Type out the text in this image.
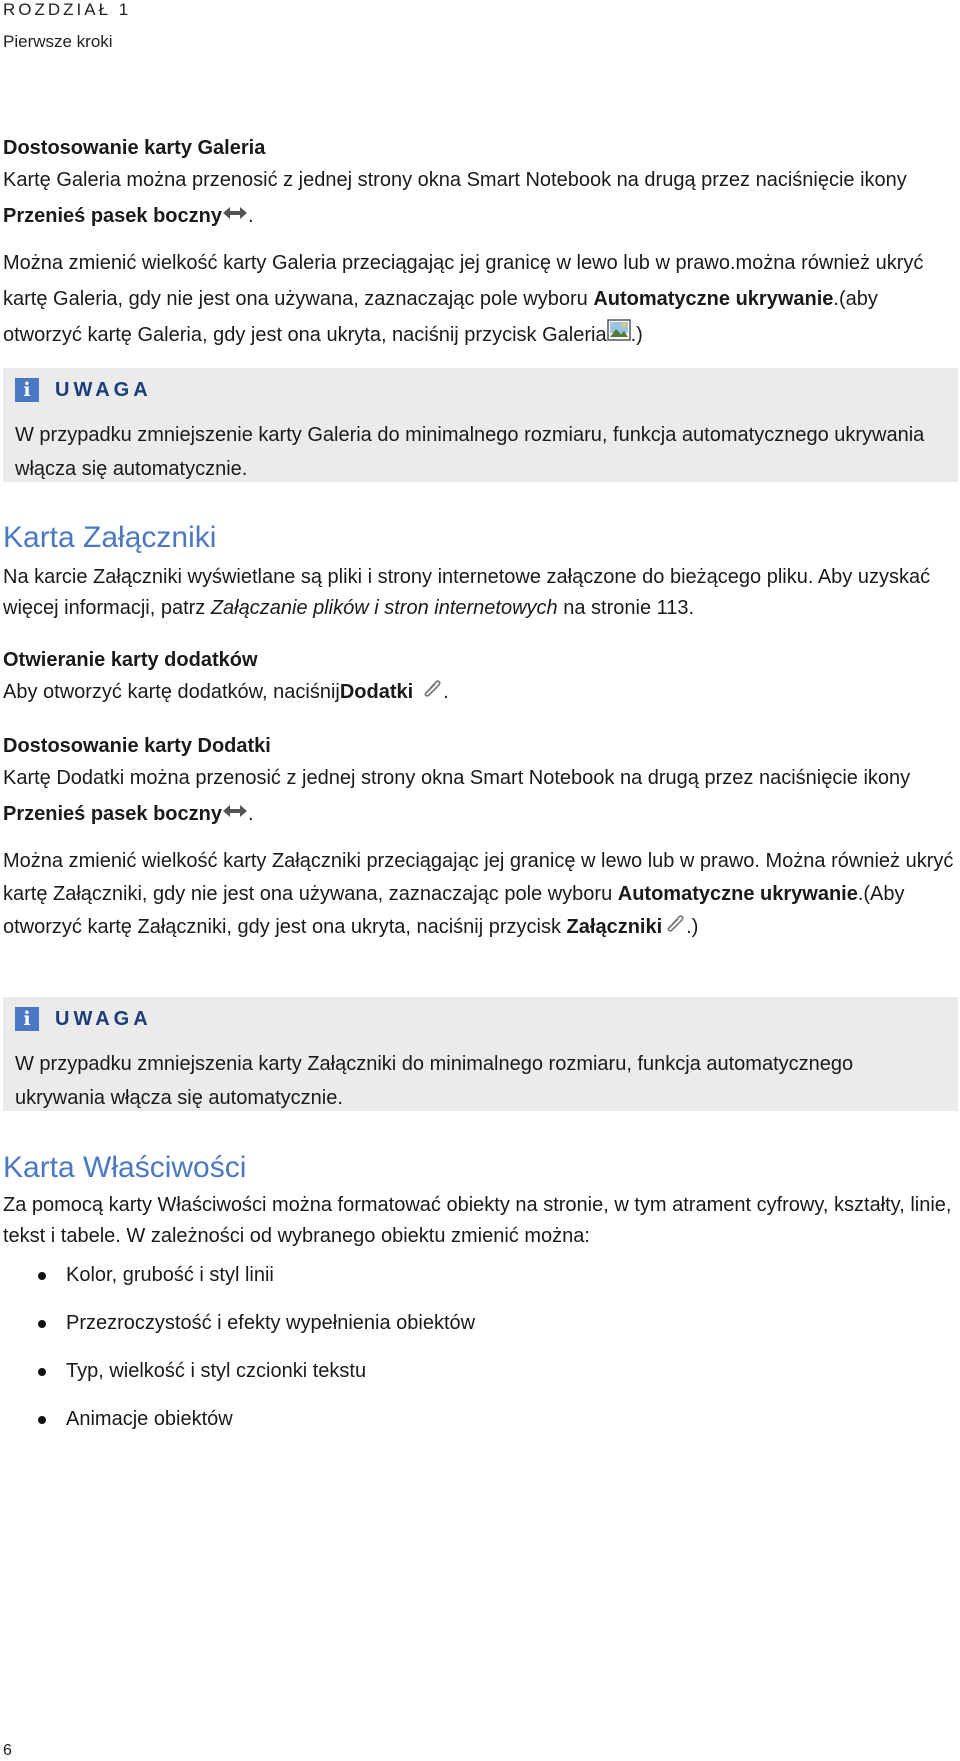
ROZDZIAŁ 1
Pierwsze kroki
Dostosowanie karty Galeria
Kartę Galeria można przenosić z jednej strony okna Smart Notebook na drugą przez naciśnięcie ikony Przenieś pasek boczny .
Można zmienić wielkość karty Galeria przeciągając jej granicę w lewo lub w prawo.można również ukryć kartę Galeria, gdy nie jest ona używana, zaznaczając pole wyboru Automatyczne ukrywanie.(aby otworzyć kartę Galeria, gdy jest ona ukryta, naciśnij przycisk Galeria .)
i	UWAGA
W przypadku zmniejszenie karty Galeria do minimalnego rozmiaru, funkcja automatycznego ukrywania włącza się automatycznie.
Karta Załączniki
Na karcie Załączniki wyświetlane są pliki i strony internetowe załączone do bieżącego pliku. Aby uzyskać więcej informacji, patrz Załączanie plików i stron internetowych na stronie 113.
Otwieranie karty dodatków
Aby otworzyć kartę dodatków, naciśnijDodatki .
Dostosowanie karty Dodatki
Kartę Dodatki można przenosić z jednej strony okna Smart Notebook na drugą przez naciśnięcie ikony Przenieś pasek boczny .
Można zmienić wielkość karty Załączniki przeciągając jej granicę w lewo lub w prawo. Można również ukryć kartę Załączniki, gdy nie jest ona używana, zaznaczając pole wyboru Automatyczne ukrywanie.(Aby otworzyć kartę Załączniki, gdy jest ona ukryta, naciśnij przycisk Załączniki .)
i	UWAGA
W przypadku zmniejszenia karty Załączniki do minimalnego rozmiaru, funkcja automatycznego ukrywania włącza się automatycznie.
Karta Właściwości
Za pomocą karty Właściwości można formatować obiekty na stronie, w tym atrament cyfrowy, kształty, linie, tekst i tabele. W zależności od wybranego obiektu zmienić można:
Kolor, grubość i styl linii
Przezroczystość i efekty wypełnienia obiektów
Typ, wielkość i styl czcionki tekstu
Animacje obiektów
6
